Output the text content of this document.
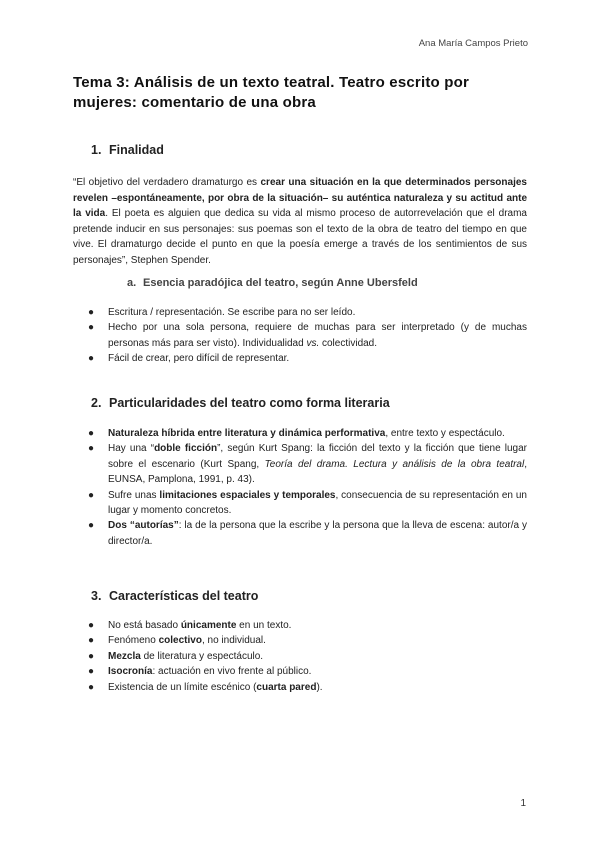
Ana María Campos Prieto
Tema 3: Análisis de un texto teatral. Teatro escrito por mujeres: comentario de una obra
1. Finalidad
“El objetivo del verdadero dramaturgo es crear una situación en la que determinados personajes revelen –espontáneamente, por obra de la situación– su auténtica naturaleza y su actitud ante la vida. El poeta es alguien que dedica su vida al mismo proceso de autorrevelación que el drama pretende inducir en sus personajes: sus poemas son el texto de la obra de teatro del tiempo en que vive. El dramaturgo decide el punto en que la poesía emerge a través de los sentimientos de sus personajes”, Stephen Spender.
a. Esencia paradójica del teatro, según Anne Ubersfeld
● Escritura / representación. Se escribe para no ser leído.
● Hecho por una sola persona, requiere de muchas para ser interpretado (y de muchas personas más para ser visto). Individualidad vs. colectividad.
● Fácil de crear, pero difícil de representar.
2. Particularidades del teatro como forma literaria
● Naturaleza híbrida entre literatura y dinámica performativa, entre texto y espectáculo.
● Hay una “doble ficción”, según Kurt Spang: la ficción del texto y la ficción que tiene lugar sobre el escenario (Kurt Spang, Teoría del drama. Lectura y análisis de la obra teatral, EUNSA, Pamplona, 1991, p. 43).
● Sufre unas limitaciones espaciales y temporales, consecuencia de su representación en un lugar y momento concretos.
● Dos “autorías”: la de la persona que la escribe y la persona que la lleva de escena: autor/a y director/a.
3. Características del teatro
● No está basado únicamente en un texto.
● Fenómeno colectivo, no individual.
● Mezcla de literatura y espectáculo.
● Isocronía: actuación en vivo frente al público.
● Existencia de un límite escénico (cuarta pared).
1
